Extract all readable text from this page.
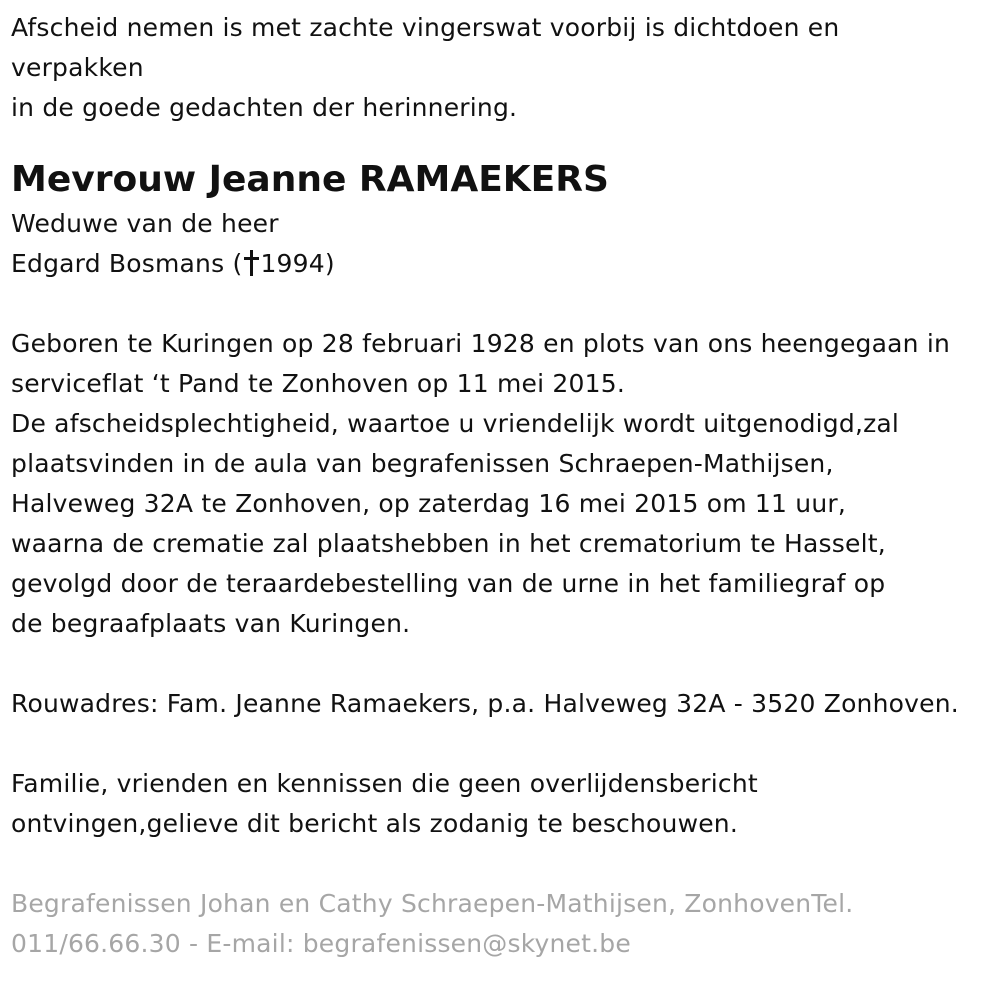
Afscheid nemen is met zachte vingerswat voorbij is dichtdoen en
verpakken
in de goede gedachten der herinnering.
Mevrouw Jeanne RAMAEKERS
Weduwe van de heer
Edgard Bosmans ( 1994)
Geboren te Kuringen op 28 februari 1928 en plots van ons heengegaan in
serviceflat ‘t Pand te Zonhoven op 11 mei 2015.
De afscheidsplechtigheid, waartoe u vriendelijk wordt uitgenodigd,zal
plaatsvinden in de aula van begrafenissen Schraepen-Mathijsen,
Halveweg 32A te Zonhoven, op zaterdag 16 mei 2015 om 11 uur,
waarna de crematie zal plaatshebben in het crematorium te Hasselt,
gevolgd door de teraardebestelling van de urne in het familiegraf op
de begraafplaats van Kuringen.
Rouwadres: Fam. Jeanne Ramaekers, p.a. Halveweg 32A - 3520 Zonhoven.
Familie, vrienden en kennissen die geen overlijdensbericht
ontvingen,gelieve dit bericht als zodanig te beschouwen.
Begrafenissen Johan en Cathy Schraepen-Mathijsen, ZonhovenTel.
011/66.66.30 - E-mail: begrafenissen@skynet.be
